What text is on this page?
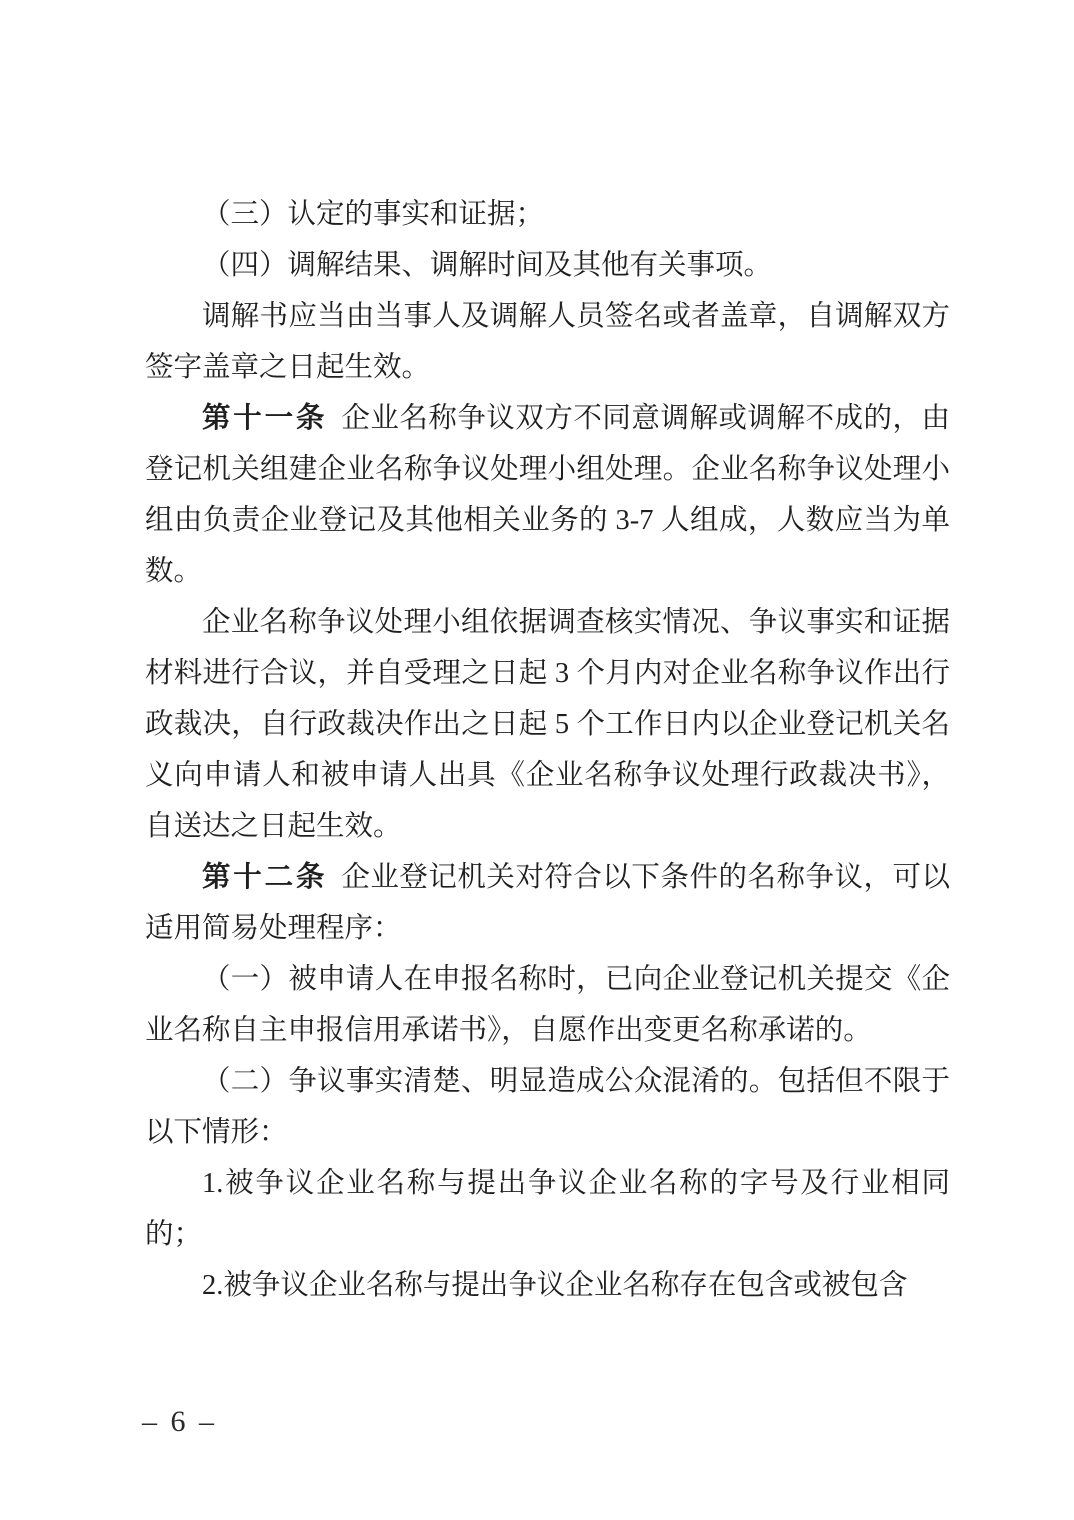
（三）认定的事实和证据；

（四）调解结果、调解时间及其他有关事项。

调解书应当由当事人及调解人员签名或者盖章，自调解双方签字盖章之日起生效。

第十一条 企业名称争议双方不同意调解或调解不成的，由登记机关组建企业名称争议处理小组处理。企业名称争议处理小组由负责企业登记及其他相关业务的 3-7 人组成，人数应当为单数。

企业名称争议处理小组依据调查核实情况、争议事实和证据材料进行合议，并自受理之日起 3 个月内对企业名称争议作出行政裁决，自行政裁决作出之日起 5 个工作日内以企业登记机关名义向申请人和被申请人出具《企业名称争议处理行政裁决书》，自送达之日起生效。

第十二条 企业登记机关对符合以下条件的名称争议，可以适用简易处理程序：

（一）被申请人在申报名称时，已向企业登记机关提交《企业名称自主申报信用承诺书》，自愿作出变更名称承诺的。

（二）争议事实清楚、明显造成公众混淆的。包括但不限于以下情形：

1.被争议企业名称与提出争议企业名称的字号及行业相同的；

2.被争议企业名称与提出争议企业名称存在包含或被包含

– 6 –
